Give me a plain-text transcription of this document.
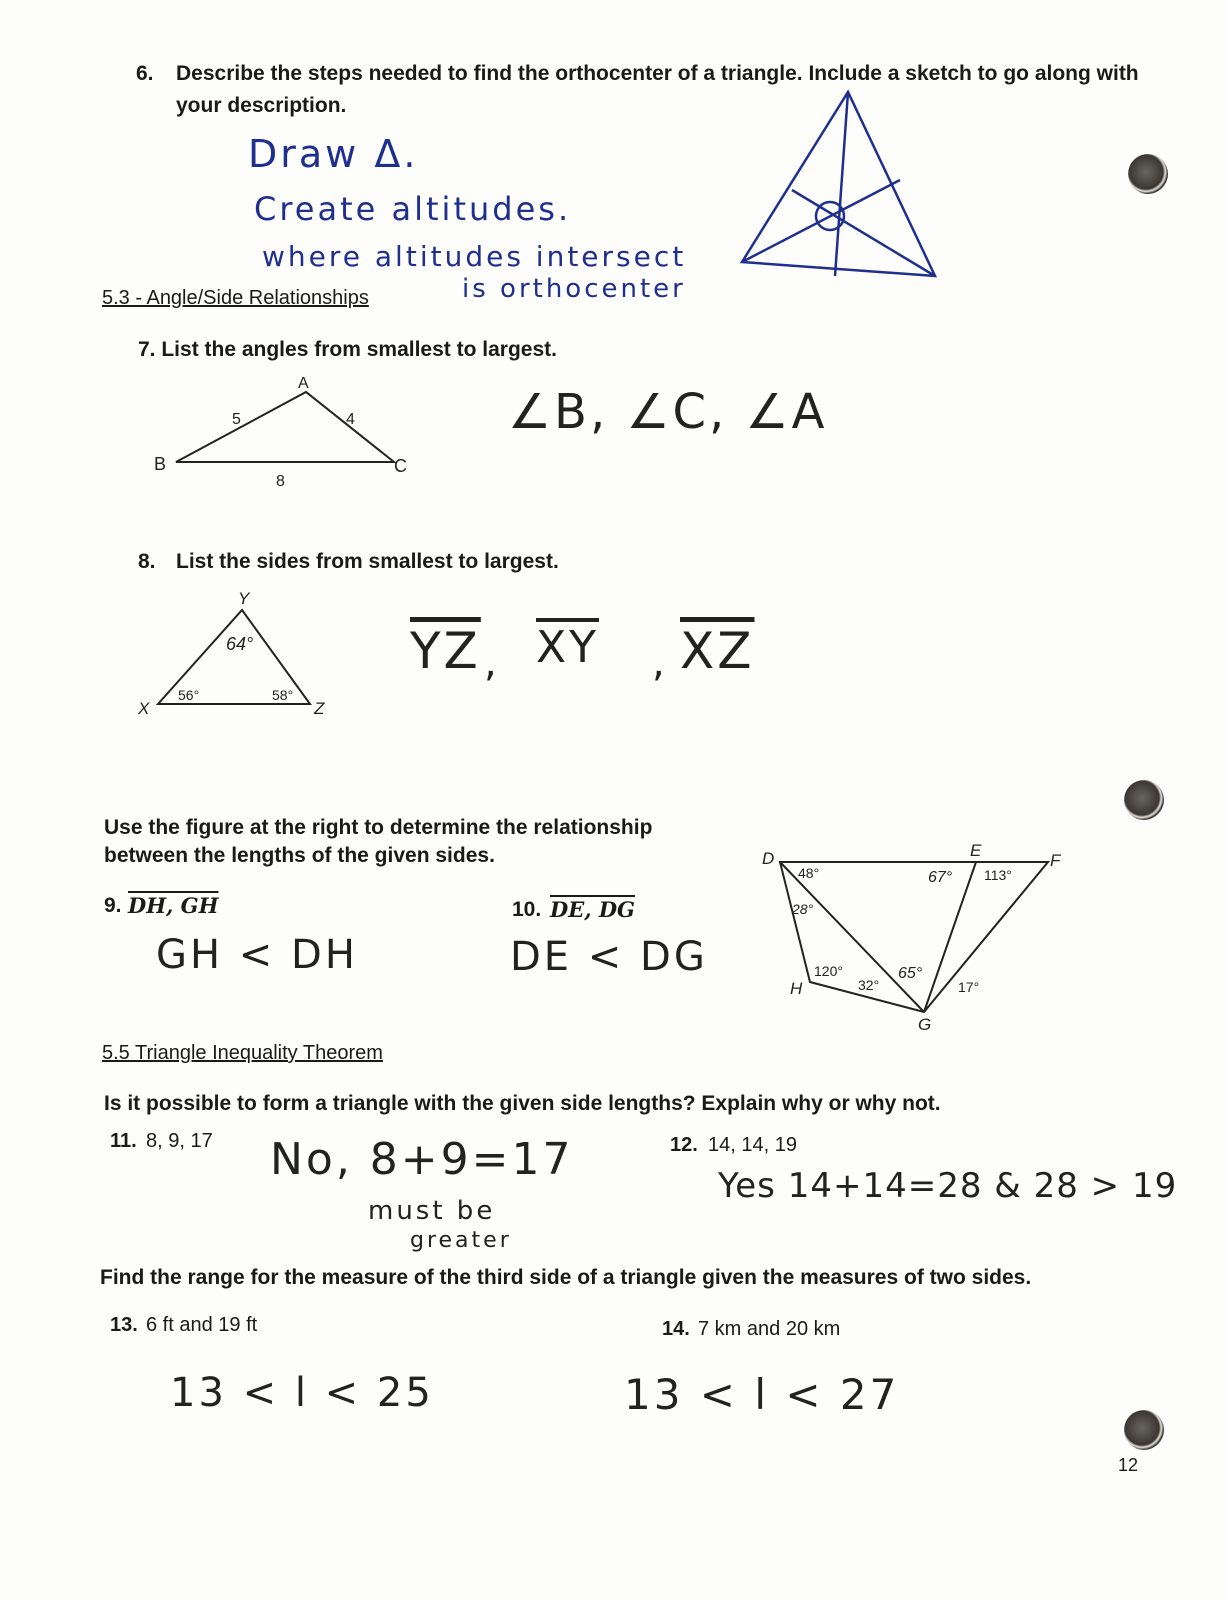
6. Describe the steps needed to find the orthocenter of a triangle. Include a sketch to go along with
your description.
Draw Δ.
Create altitudes.
where altitudes intersect
is orthocenter
5.3 - Angle/Side Relationships
7. List the angles from smallest to largest.
∠B, ∠C, ∠A
8. List the sides from smallest to largest.
$\overline{YZ}$ , $\overline{XY}$ , $\overline{XZ}$
Use the figure at the right to determine the relationship
between the lengths of the given sides.
9. DH, GH
GH < DH
10. DE, DG
DE < DG
5.5 Triangle Inequality Theorem
Is it possible to form a triangle with the given side lengths? Explain why or why not.
11. 8, 9, 17 No, 8+9=17
must be
greater
12. 14, 14, 19
Yes 14+14=28 & 28 > 19
Find the range for the measure of the third side of a triangle given the measures of two sides.
13. 6 ft and 19 ft
13 < l < 25
14. 7 km and 20 km
13 < l < 27
12
A
B	C
5	4
8
Y
X	Z
56°
64°
58°
D	E
F
G
H
48°
28°
67° 113°
120°
32°
65°
17°
